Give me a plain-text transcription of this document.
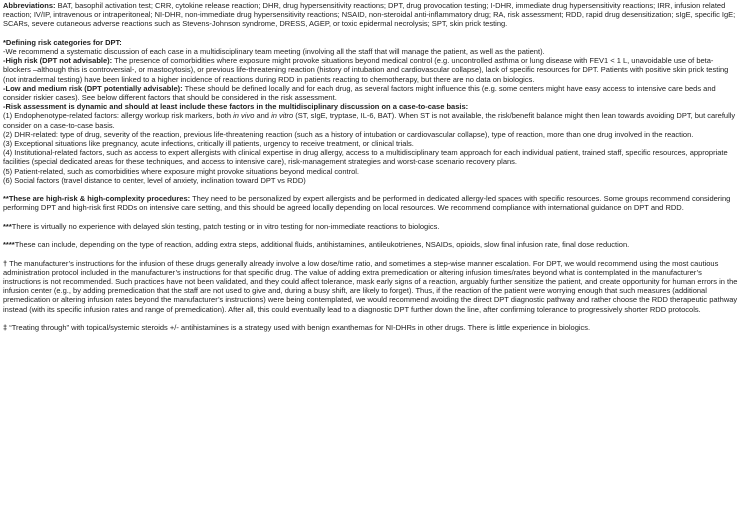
Abbreviations: BAT, basophil activation test; CRR, cytokine release reaction; DHR, drug hypersensitivity reactions; DPT, drug provocation testing; I-DHR, immediate drug hypersensitivity reactions; IRR, infusion related reaction; IV/IP, intravenous or intraperitoneal; NI-DHR, non-immediate drug hypersensitivity reactions; NSAID, non-steroidal anti-inflammatory drug; RA, risk assessment; RDD, rapid drug desensitization; sIgE, specific IgE; SCARs, severe cutaneous adverse reactions such as Stevens-Johnson syndrome, DRESS, AGEP, or toxic epidermal necrolysis; SPT, skin prick testing.

*Defining risk categories for DPT:

-We recommend a systematic discussion of each case in a multidisciplinary team meeting (involving all the staff that will manage the patient, as well as the patient).

-High risk (DPT not advisable): The presence of comorbidities where exposure might provoke situations beyond medical control (e.g. uncontrolled asthma or lung disease with FEV1 < 1 L, unavoidable use of beta-blockers –although this is controversial-, or mastocytosis), or previous life-threatening reaction (history of intubation and cardiovascular collapse), lack of specific resources for DPT. Patients with positive skin prick testing (not intradermal testing) have been linked to a higher incidence of reactions during RDD in patients reacting to chemotherapy, but there are no data on biologics.

-Low and medium risk (DPT potentially advisable): These should be defined locally and for each drug, as several factors might influence this (e.g. some centers might have easy access to intensive care beds and consider riskier cases). See below different factors that should be considered in the risk assessment.

-Risk assessment is dynamic and should at least include these factors in the multidisciplinary discussion on a case-to-case basis:

(1) Endophenotype-related factors: allergy workup risk markers, both in vivo and in vitro (ST, sIgE, tryptase, IL-6, BAT). When ST is not available, the risk/benefit balance might then lean towards avoiding DPT, but carefully consider on a case-to-case basis.

(2) DHR-related: type of drug, severity of the reaction, previous life-threatening reaction (such as a history of intubation or cardiovascular collapse), type of reaction, more than one drug involved in the reaction.

(3) Exceptional situations like pregnancy, acute infections, critically ill patients, urgency to receive treatment, or clinical trials.

(4) Institutional-related factors, such as access to expert allergists with clinical expertise in drug allergy, access to a multidisciplinary team approach for each individual patient, trained staff, specific resources, appropriate facilities (special dedicated areas for these techniques, and access to intensive care), risk-management strategies and worst-case scenario recovery plans.

(5) Patient-related, such as comorbidities where exposure might provoke situations beyond medical control.

(6) Social factors (travel distance to center, level of anxiety, inclination toward DPT vs RDD)

**These are high-risk & high-complexity procedures: They need to be personalized by expert allergists and be performed in dedicated allergy-led spaces with specific resources. Some groups recommend considering performing DPT and high-risk first RDDs on intensive care setting, and this should be agreed locally depending on local resources. We recommend compliance with international guidance on DPT and RDD.

***There is virtually no experience with delayed skin testing, patch testing or in vitro testing for non-immediate reactions to biologics.

****These can include, depending on the type of reaction, adding extra steps, additional fluids, antihistamines, antileukotrienes, NSAIDs, opioids, slow final infusion rate, final dose reduction.

† The manufacturer’s instructions for the infusion of these drugs generally already involve a low dose/time ratio, and sometimes a step-wise manner escalation. For DPT, we would recommend using the most cautious administration protocol included in the manufacturer’s instructions for that specific drug. The value of adding extra premedication or altering infusion times/rates beyond what is contemplated in the manufacturer’s instructions is not recommended. Such practices have not been validated, and they could affect tolerance, mask early signs of a reaction, arguably further sensitize the patient, and create opportunity for human errors in the infusion center (e.g., by adding premedication that the staff are not used to give and, during a busy shift, are likely to forget). Thus, if the reaction of the patient were worrying enough that such measures (additional premedication or altering infusion rates beyond the manufacturer’s instructions) were being contemplated, we would recommend avoiding the direct DPT diagnostic pathway and rather choose the RDD therapeutic pathway instead (with its specific infusion rates and range of premedication). After all, this could eventually lead to a diagnostic DPT further down the line, after confirming tolerance to progressively shorter RDD protocols.

‡ “Treating through” with topical/systemic steroids +/- antihistamines is a strategy used with benign exanthemas for NI-DHRs in other drugs. There is little experience in biologics.
